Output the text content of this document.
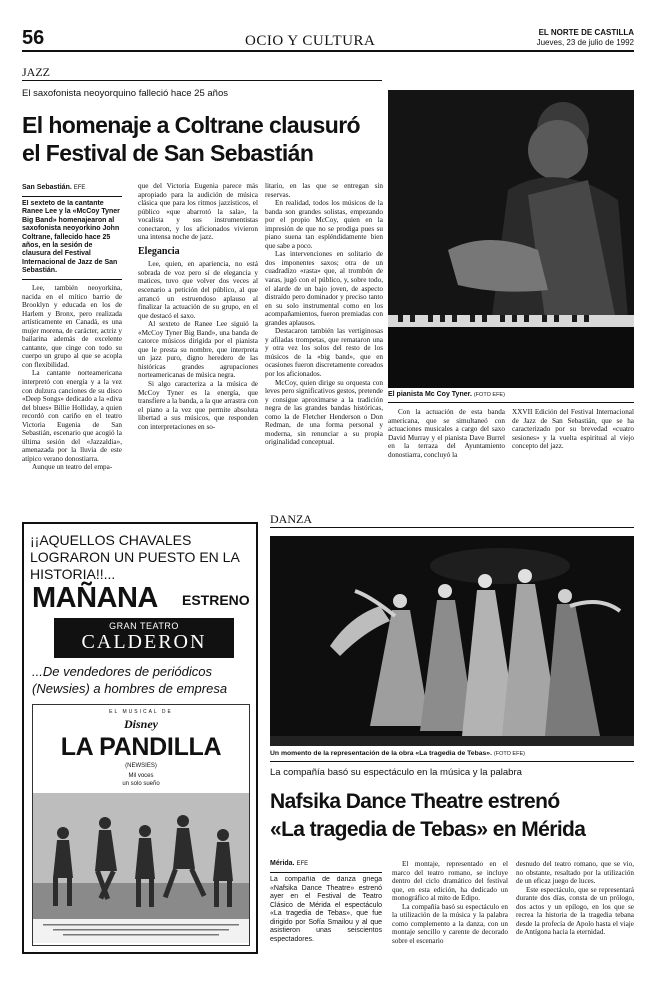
56	OCIO Y CULTURA
EL NORTE DE CASTILLA
Jueves, 23 de julio de 1992
JAZZ
El saxofonista neoyorquino falleció hace 25 años
El homenaje a Coltrane clausuró
el Festival de San Sebastián
San Sebastián. EFE
El sexteto de la cantante Ranee Lee y la «McCoy Tyner Big Band» homenajearon al saxofonista neoyorkino John Coltrane, fallecido hace 25 años, en la sesión de clausura del Festival Internacional de Jazz de San Sebastián.

Lee, también neoyorkina, nacida en el mítico barrio de Brooklyn y educada en los de Harlem y Bronx, pero realizada artísticamente en Canadá, es una mujer morena, de carácter, actriz y bailarina además de excelente cantante, que cinge con todo su cuerpo un grupo al que se acopla con flexibilidad.

La cantante norteamericana interpretó con energía y a la vez con dulzura canciones de su disco «Deep Songs» dedicado a la «diva del blues» Billie Holliday, a quien recordó con cariño en el teatro Victoria Eugenia de San Sebastián, escenario que acogió la última sesión del «Jazzaldia», amenazada por la lluvia de este atípico verano donostiarra.

Aunque un teatro del empa-

que del Victoria Eugenia parece más apropiado para la audición de música clásica que para los ritmos jazzísticos, el público «que abarrotó la sala», la vocalista y sus instrumentistas conectaron, y los aficionados vivieron una intensa noche de jazz.

Elegancia

Lee, quien, en apariencia, no está sobrada de voz pero sí de elegancia y matices, tuvo que volver dos veces al escenario a petición del público, al que arrancó un estruendoso aplauso al finalizar la actuación de su grupo, en el que destacó el saxo.

Al sexteto de Ranee Lee siguió la «McCoy Tyner Big Band», una banda de catorce músicos dirigida por el pianista que le presta su nombre, que interpreta un jazz puro, digno heredero de las históricas grandes agrupaciones norteamericanas de música negra.

Si algo caracteriza a la música de McCoy Tyner es la energía, que transfiere a la banda, a la que arrastra con el piano a la vez que permite absoluta libertad a sus músicos, que responden con interpretaciones en so-

litario, en las que se entregan sin reservas.

En realidad, todos los músicos de la banda son grandes solistas, empezando por el propio McCoy, quien en la impresión de que no se prodiga pues su piano suena tan espléndidamente bien que sabe a poco.

Las intervenciones en solitario de dos imponentes saxos; otra de un cuadradizo «rasta» que, al trombón de varas, jugó con el público, y, sobre todo, el alarde de un bajo joven, de aspecto distraído pero dominador y preciso tanto en su solo instrumental como en los acompañamientos, fueron premiadas con grandes aplausos.

Destacaron también las vertiginosas y afiladas trompetas, que remataron una y otra vez los solos del resto de los músicos de la «big band», que en ocasiones fueron discretamente coreados por los aficionados.

McCoy, quien dirige su orquesta con leves pero significativos gestos, pretende y consigue aproximarse a la tradición negra de las grandes bandas históricas, como la de Fletcher Henderson o Don Redman, de una forma personal y moderna, sin renunciar a su propia originalidad conceptual.

El pianista Mc Coy Tyner. (FOTO EFE)
Con la actuación de esta banda americana, que se simultaneó con actuaciones musicales a cargo del saxo David Murray y el pianista Dave Burrel en la terraza del Ayuntamiento donostiarra, concluyó la
XXVII Edición del Festival Internacional de Jazz de San Sebastián, que se ha caracterizado por su brevedad «cuatro sesiones» y la vuelta espiritual al viejo concepto del jazz.
¡¡AQUELLOS CHAVALES LOGRARON UN PUESTO EN LA HISTORIA!!...
MAÑANA ESTRENO
GRAN TEATRO
CALDERON
...De vendedores de periódicos
(Newsies) a hombres de empresa
EL MUSICAL DE
Disney
LA PANDILLA
(NEWSIES)
Mil voces
un solo sueño
DANZA
Un momento de la representación de la obra «La tragedia de Tebas». (FOTO EFE)
La compañía basó su espectáculo en la música y la palabra
Nafsika Dance Theatre estrenó
«La tragedia de Tebas» en Mérida
Mérida. EFE
La compañía de danza griega «Nafsika Dance Theatre» estrenó ayer en el Festival de Teatro Clásico de Mérida el espectáculo «La tragedia de Tebas», que fue dirigido por Sofía Smailou y al que asistieron unas seiscientos espectadores.

El montaje, representado en el marco del teatro romano, se incluye dentro del ciclo dramático del festival que, en esta edición, ha dedicado un monográfico al mito de Edipo.

La compañía basó su espectáculo en la utilización de la música y la palabra como complemento a la danza, con un montaje sencillo y carente de decorado sobre el escenario

desnudo del teatro romano, que se vio, no obstante, resaltado por la utilización de un eficaz juego de luces.

Este espectáculo, que se representará durante dos días, consta de un prólogo, dos actos y un epílogo, en los que se recrea la historia de la tragedia tebana desde la profecía de Apolo hasta el viaje de Antígona hacia la eternidad.
